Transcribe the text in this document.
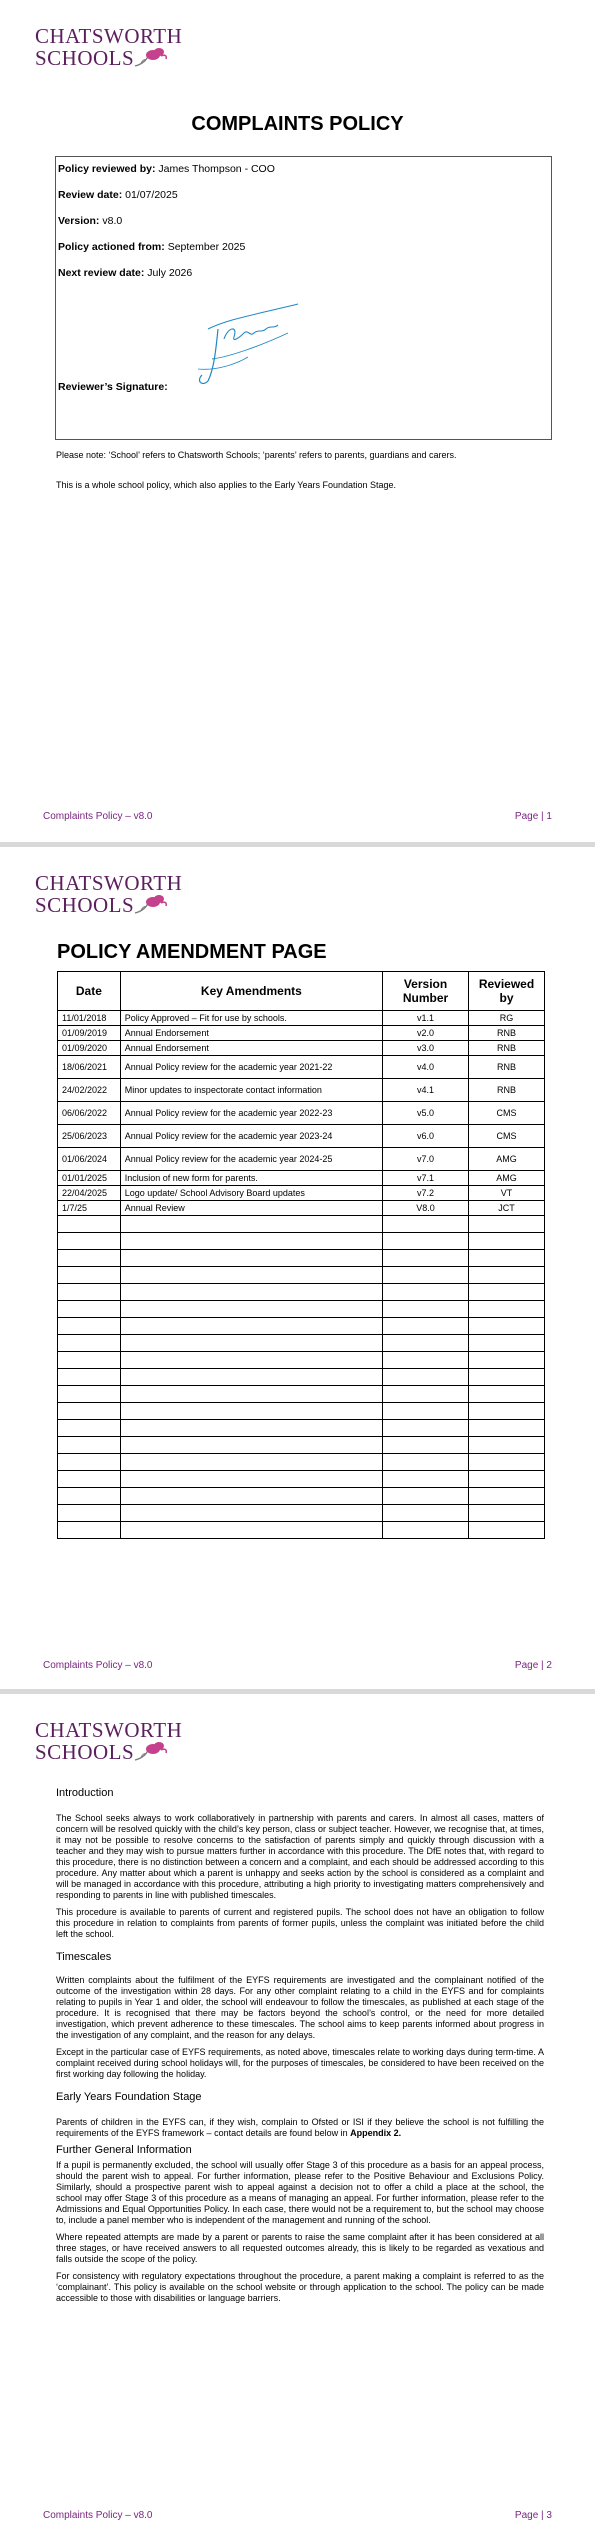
CHATSWORTH
SCHOOLS
COMPLAINTS POLICY

Policy reviewed by: James Thompson - COO

Review date: 01/07/2025

Version: v8.0

Policy actioned from: September 2025

Next review date: July 2026

Reviewer’s Signature:

Please note: ‘School’ refers to Chatsworth Schools; ‘parents’ refers to parents, guardians and carers.

This is a whole school policy, which also applies to the Early Years Foundation Stage.

Complaints Policy – v8.0	Page | 1
CHATSWORTH
SCHOOLS
POLICY AMENDMENT PAGE
Date	Key Amendments	Version Number	Reviewed by
11/01/2018	Policy Approved – Fit for use by schools.	v1.1	RG
01/09/2019	Annual Endorsement	v2.0	RNB
01/09/2020	Annual Endorsement	v3.0	RNB
18/06/2021	Annual Policy review for the academic year 2021-22	v4.0	RNB
24/02/2022	Minor updates to inspectorate contact information	v4.1	RNB
06/06/2022	Annual Policy review for the academic year 2022-23	v5.0	CMS
25/06/2023	Annual Policy review for the academic year 2023-24	v6.0	CMS
01/06/2024	Annual Policy review for the academic year 2024-25	v7.0	AMG
01/01/2025	Inclusion of new form for parents.	v7.1	AMG
22/04/2025	Logo update/ School Advisory Board updates	v7.2	VT
1/7/25	Annual Review	V8.0	JCT

Complaints Policy – v8.0	Page | 2
CHATSWORTH
SCHOOLS
Introduction

The School seeks always to work collaboratively in partnership with parents and carers. In almost all cases, matters of concern will be resolved quickly with the child’s key person, class or subject teacher. However, we recognise that, at times, it may not be possible to resolve concerns to the satisfaction of parents simply and quickly through discussion with a teacher and they may wish to pursue matters further in accordance with this procedure. The DfE notes that, with regard to this procedure, there is no distinction between a concern and a complaint, and each should be addressed according to this procedure. Any matter about which a parent is unhappy and seeks action by the school is considered as a complaint and will be managed in accordance with this procedure, attributing a high priority to investigating matters comprehensively and responding to parents in line with published timescales.

This procedure is available to parents of current and registered pupils. The school does not have an obligation to follow this procedure in relation to complaints from parents of former pupils, unless the complaint was initiated before the child left the school.

Timescales

Written complaints about the fulfilment of the EYFS requirements are investigated and the complainant notified of the outcome of the investigation within 28 days. For any other complaint relating to a child in the EYFS and for complaints relating to pupils in Year 1 and older, the school will endeavour to follow the timescales, as published at each stage of the procedure. It is recognised that there may be factors beyond the school’s control, or the need for more detailed investigation, which prevent adherence to these timescales. The school aims to keep parents informed about progress in the investigation of any complaint, and the reason for any delays.

Except in the particular case of EYFS requirements, as noted above, timescales relate to working days during term-time. A complaint received during school holidays will, for the purposes of timescales, be considered to have been received on the first working day following the holiday.

Early Years Foundation Stage

Parents of children in the EYFS can, if they wish, complain to Ofsted or ISI if they believe the school is not fulfilling the requirements of the EYFS framework – contact details are found below in Appendix 2.

Further General Information

If a pupil is permanently excluded, the school will usually offer Stage 3 of this procedure as a basis for an appeal process, should the parent wish to appeal. For further information, please refer to the Positive Behaviour and Exclusions Policy. Similarly, should a prospective parent wish to appeal against a decision not to offer a child a place at the school, the school may offer Stage 3 of this procedure as a means of managing an appeal. For further information, please refer to the Admissions and Equal Opportunities Policy. In each case, there would not be a requirement to, but the school may choose to, include a panel member who is independent of the management and running of the school.

Where repeated attempts are made by a parent or parents to raise the same complaint after it has been considered at all three stages, or have received answers to all requested outcomes already, this is likely to be regarded as vexatious and falls outside the scope of the policy.

For consistency with regulatory expectations throughout the procedure, a parent making a complaint is referred to as the ‘complainant’. This policy is available on the school website or through application to the school. The policy can be made accessible to those with disabilities or language barriers.

Complaints Policy – v8.0	Page | 3
